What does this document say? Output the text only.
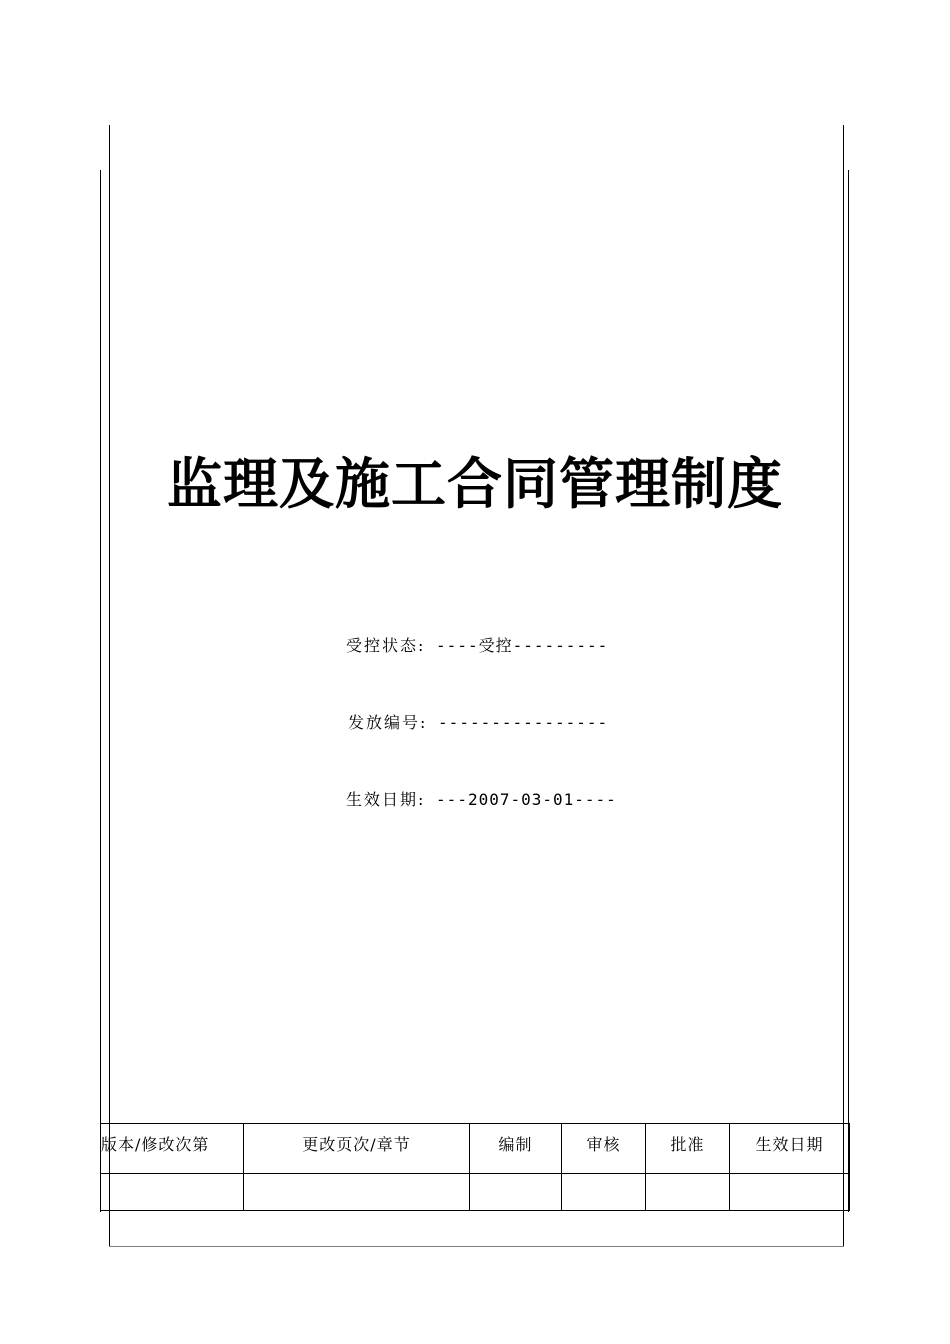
监理及施工合同管理制度
受控状态: ----受控---------
发放编号: ----------------
生效日期: ---2007-03-01----
版本/修改次第	更改页次/章节	编制	审核	批准	生效日期
